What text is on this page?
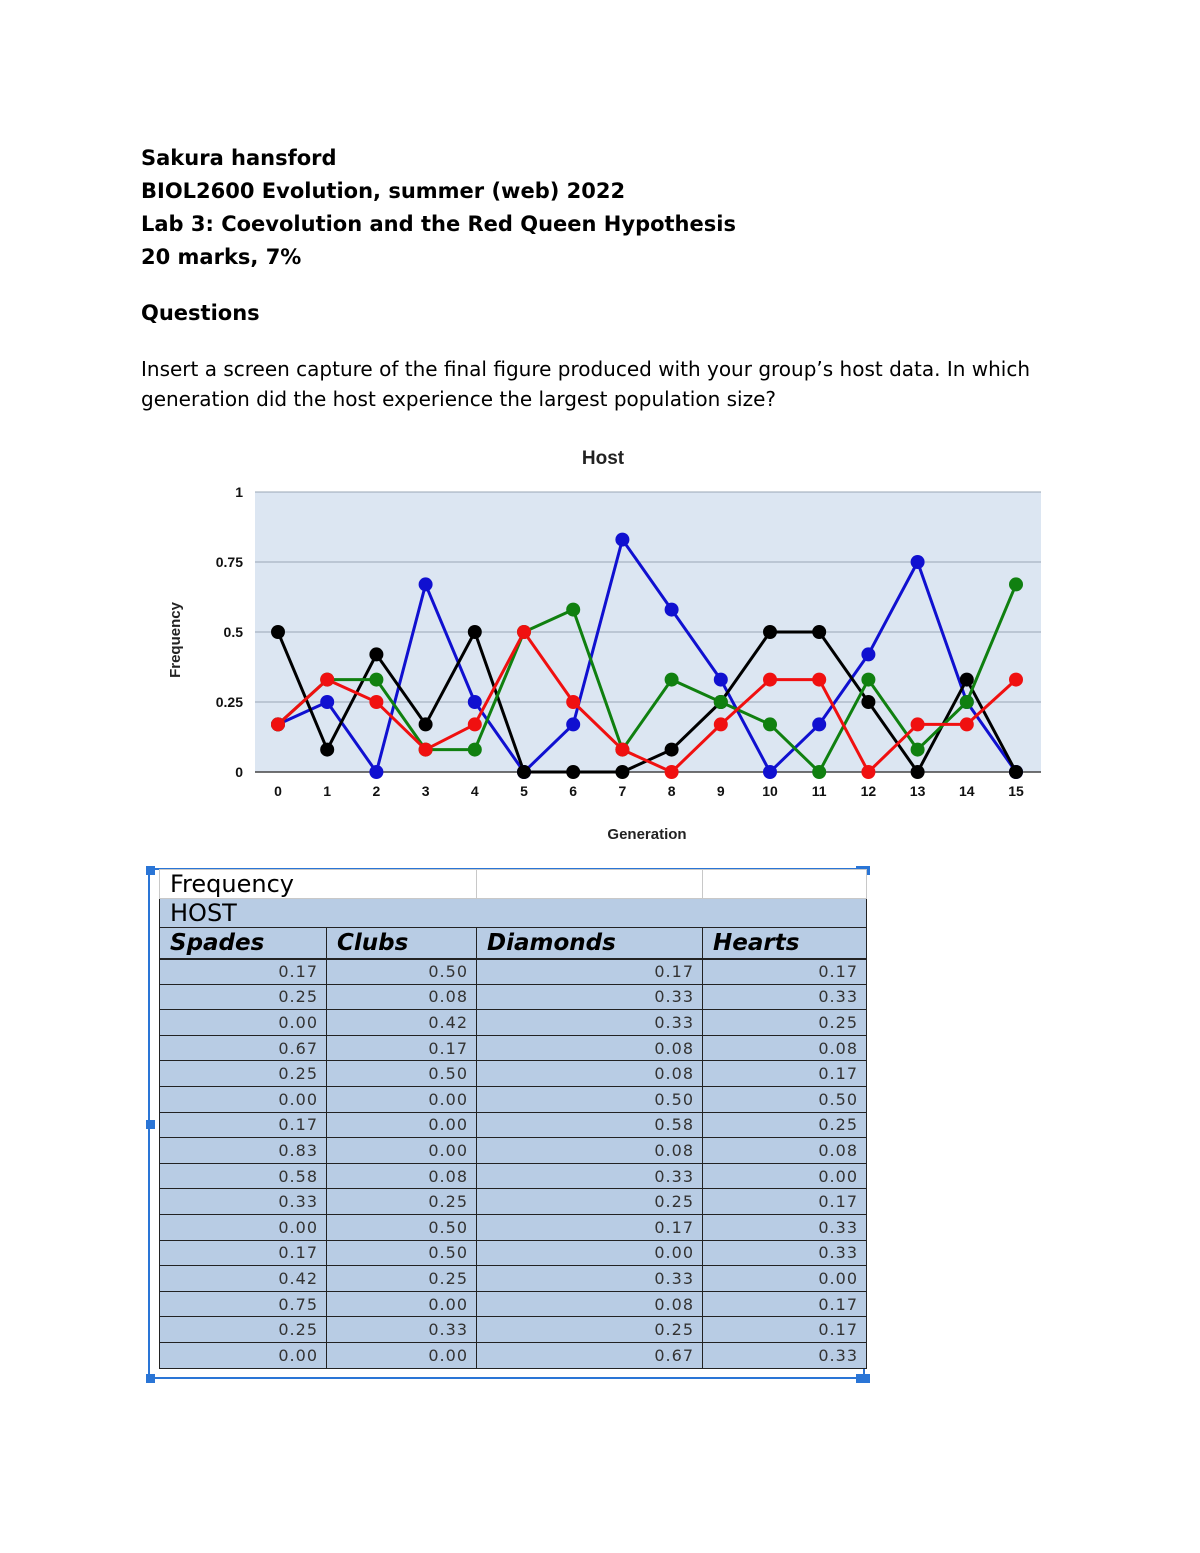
Sakura hansford
BIOL2600 Evolution, summer (web) 2022
Lab 3: Coevolution and the Red Queen Hypothesis
20 marks, 7%
Questions
Insert a screen capture of the final figure produced with your group’s host data. In which generation did the host experience the largest population size?
0
0.25
0.5
0.75
1
0	1	2	3	4	5	6	7	8	9	10 11 12 13 14 15
Host
Generation
Frequency
Frequency			
HOST			
Spades	Clubs	Diamonds	Hearts
0.17	0.50	0.17	0.17
0.25	0.08	0.33	0.33
0.00	0.42	0.33	0.25
0.67	0.17	0.08	0.08
0.25	0.50	0.08	0.17
0.00	0.00	0.50	0.50
0.17	0.00	0.58	0.25
0.83	0.00	0.08	0.08
0.58	0.08	0.33	0.00
0.33	0.25	0.25	0.17
0.00	0.50	0.17	0.33
0.17	0.50	0.00	0.33
0.42	0.25	0.33	0.00
0.75	0.00	0.08	0.17
0.25	0.33	0.25	0.17
0.00	0.00	0.67	0.33
